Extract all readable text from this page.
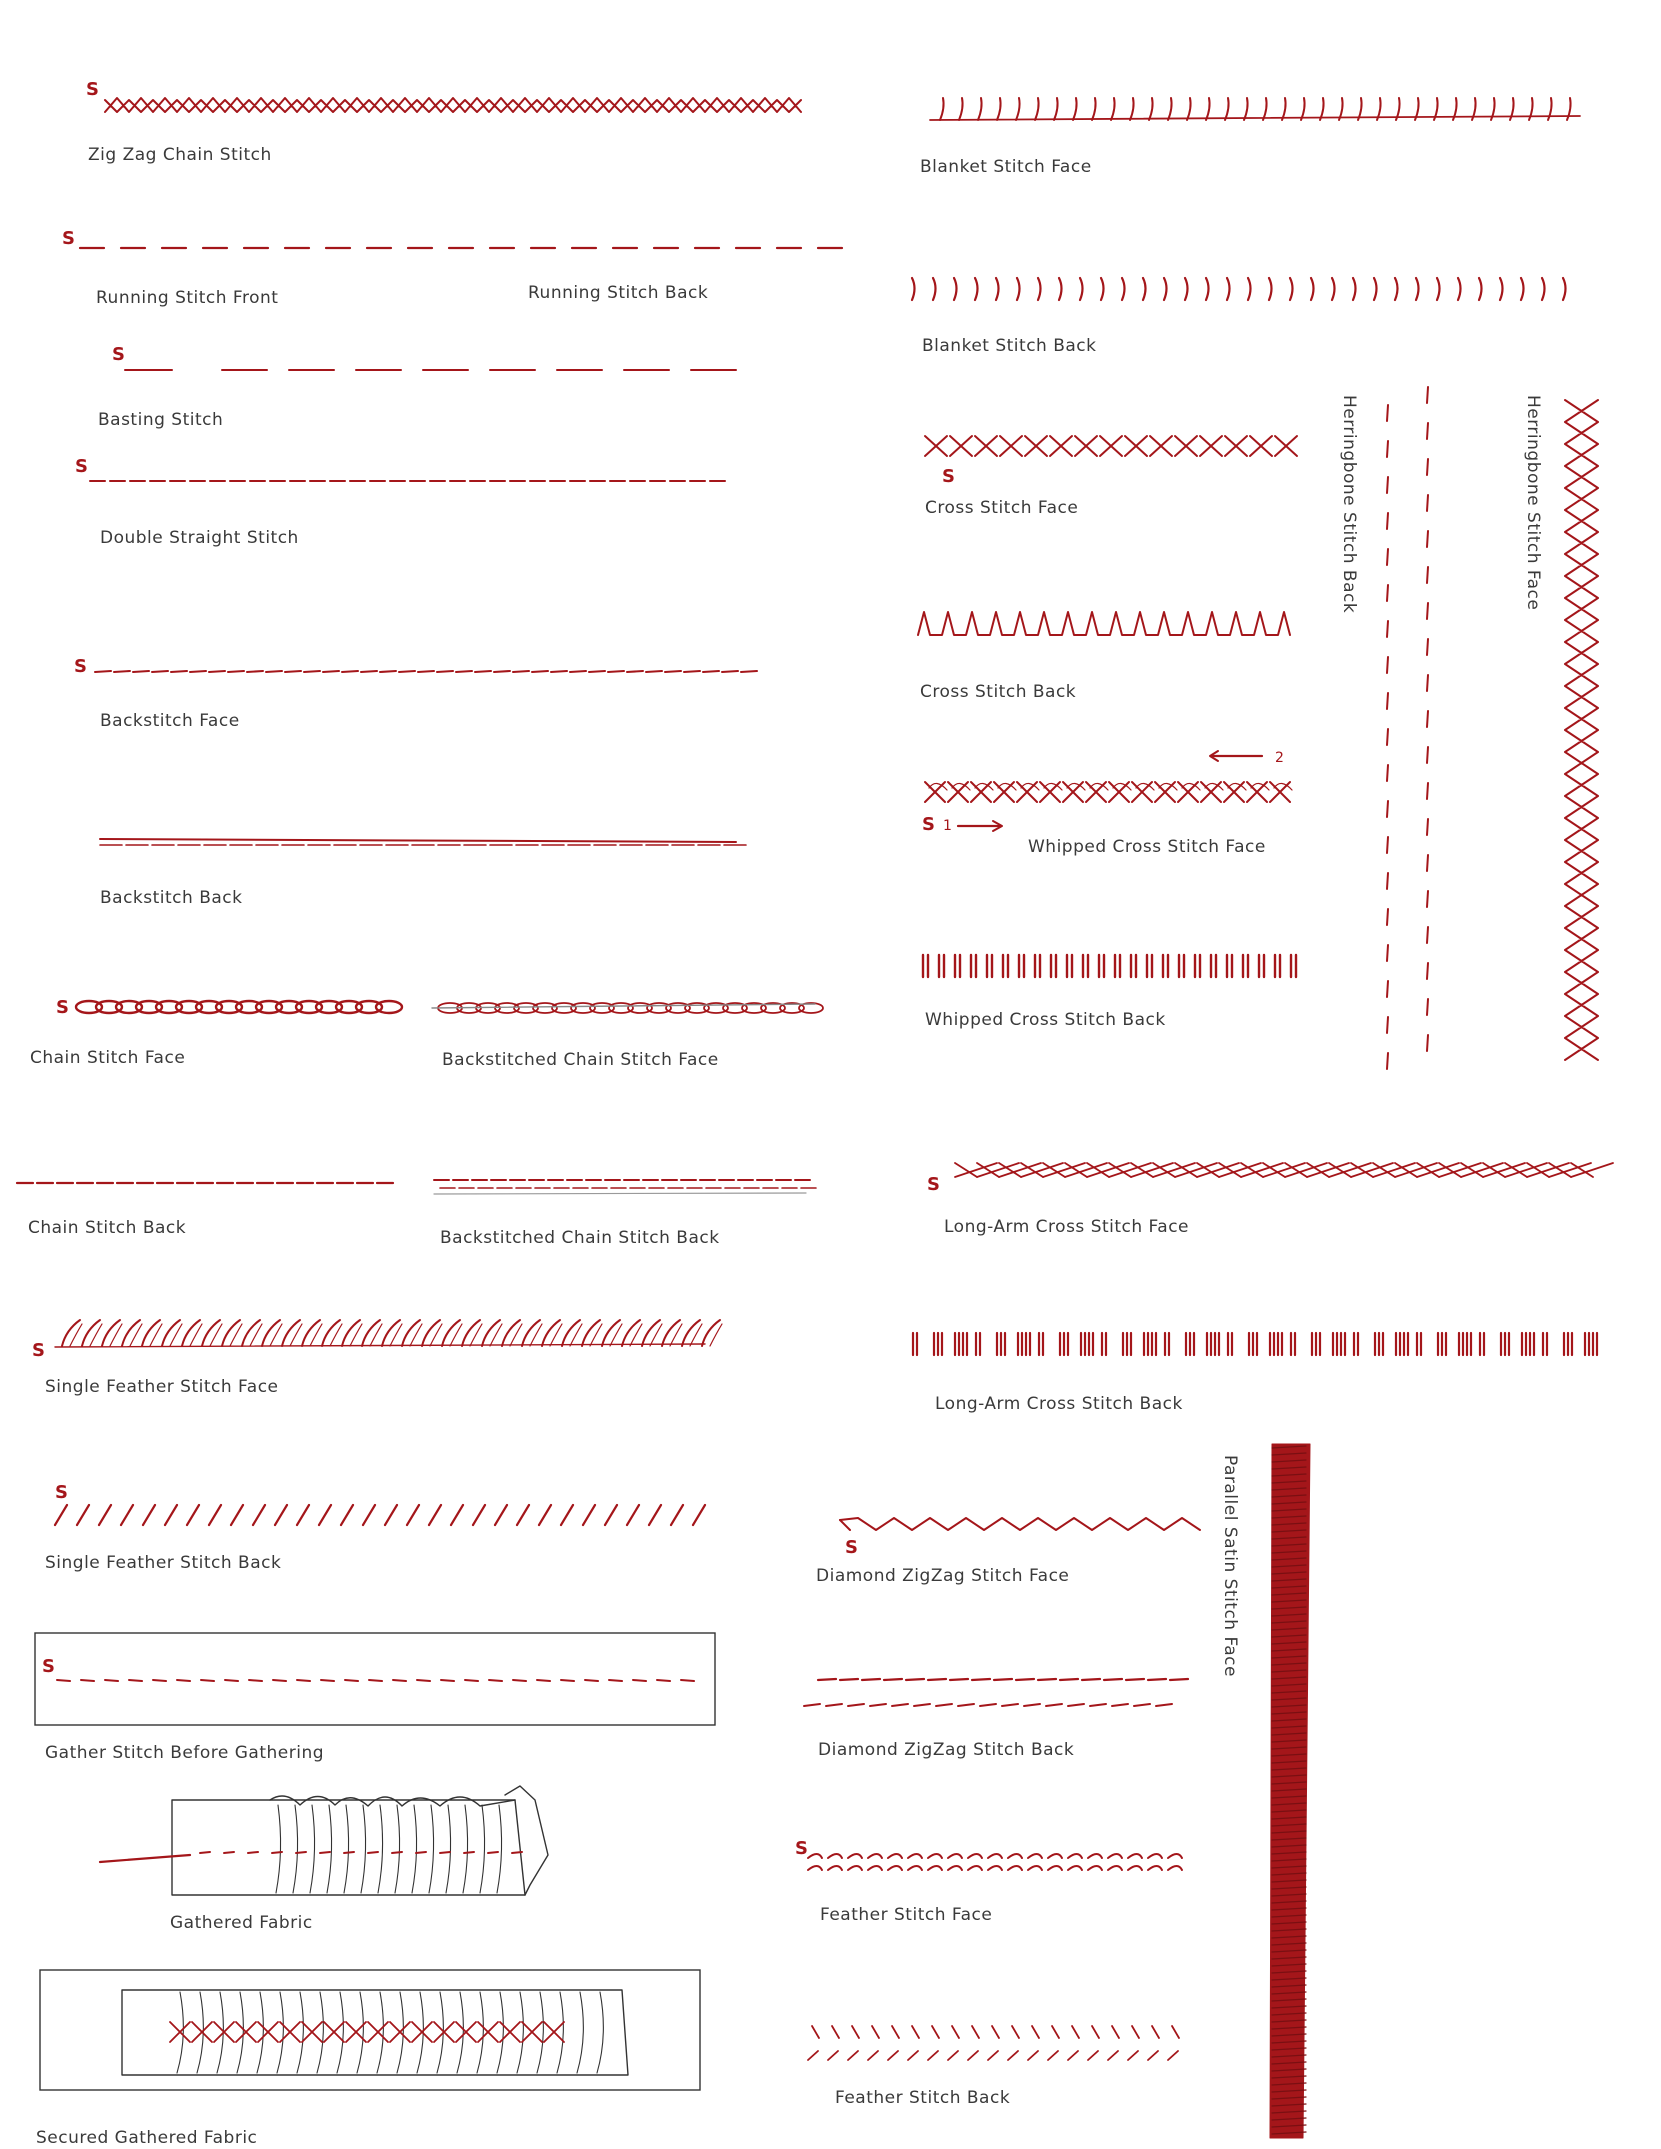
Zig Zag Chain Stitch
Blanket Stitch Face
Running Stitch Front	Running Stitch Back
Blanket Stitch Back
Basting Stitch
Double Straight Stitch
Cross Stitch Face
Cross Stitch Back
Backstitch Face
Backstitch Back
Whipped Cross Stitch Face
Whipped Cross Stitch Back
Chain Stitch Face	Backstitched Chain Stitch Face
Chain Stitch Back	Backstitched Chain Stitch Back
Long-Arm Cross Stitch Face
Long-Arm Cross Stitch Back
Single Feather Stitch Face
Single Feather Stitch Back
Diamond ZigZag Stitch Face
Diamond ZigZag Stitch Back
Gather Stitch Before Gathering
Gathered Fabric
Secured Gathered Fabric
Feather Stitch Face
Feather Stitch Back
Herringbone Stitch Back	Herringbone Stitch Face
Parallel Satin Stitch Face
S
S
S
S	S
S
2
1
S
S
S
S
S
S
S
S
